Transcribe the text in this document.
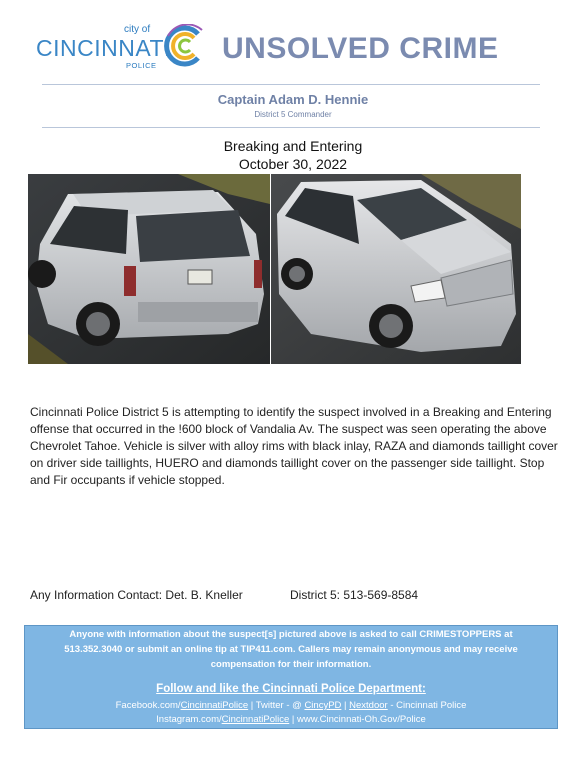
city of
CINCINNATI
POLICE
UNSOLVED CRIME
Captain Adam D. Hennie
District 5 Commander
Breaking and Entering
October 30, 2022
Cincinnati Police District 5 is attempting to identify the suspect involved in a Breaking and Entering offense that occurred in the !600 block of Vandalia Av. The suspect was seen operating the above Chevrolet Tahoe. Vehicle is silver with alloy rims with black inlay, RAZA and diamonds taillight cover on driver side taillights, HUERO and diamonds taillight cover on the passenger side taillight. Stop and Fir occupants if vehicle stopped.
Any Information Contact: Det. B. Kneller	District 5: 513-569-8584
Anyone with information about the suspect[s] pictured above is asked to call CRIMESTOPPERS at
513.352.3040 or submit an online tip at TIP411.com. Callers may remain anonymous and may receive
compensation for their information.
Follow and like the Cincinnati Police Department:
Facebook.com/CincinnatiPolice | Twitter - @ CincyPD | Nextdoor - Cincinnati Police
Instagram.com/CincinnatiPolice | www.Cincinnati-Oh.Gov/Police
